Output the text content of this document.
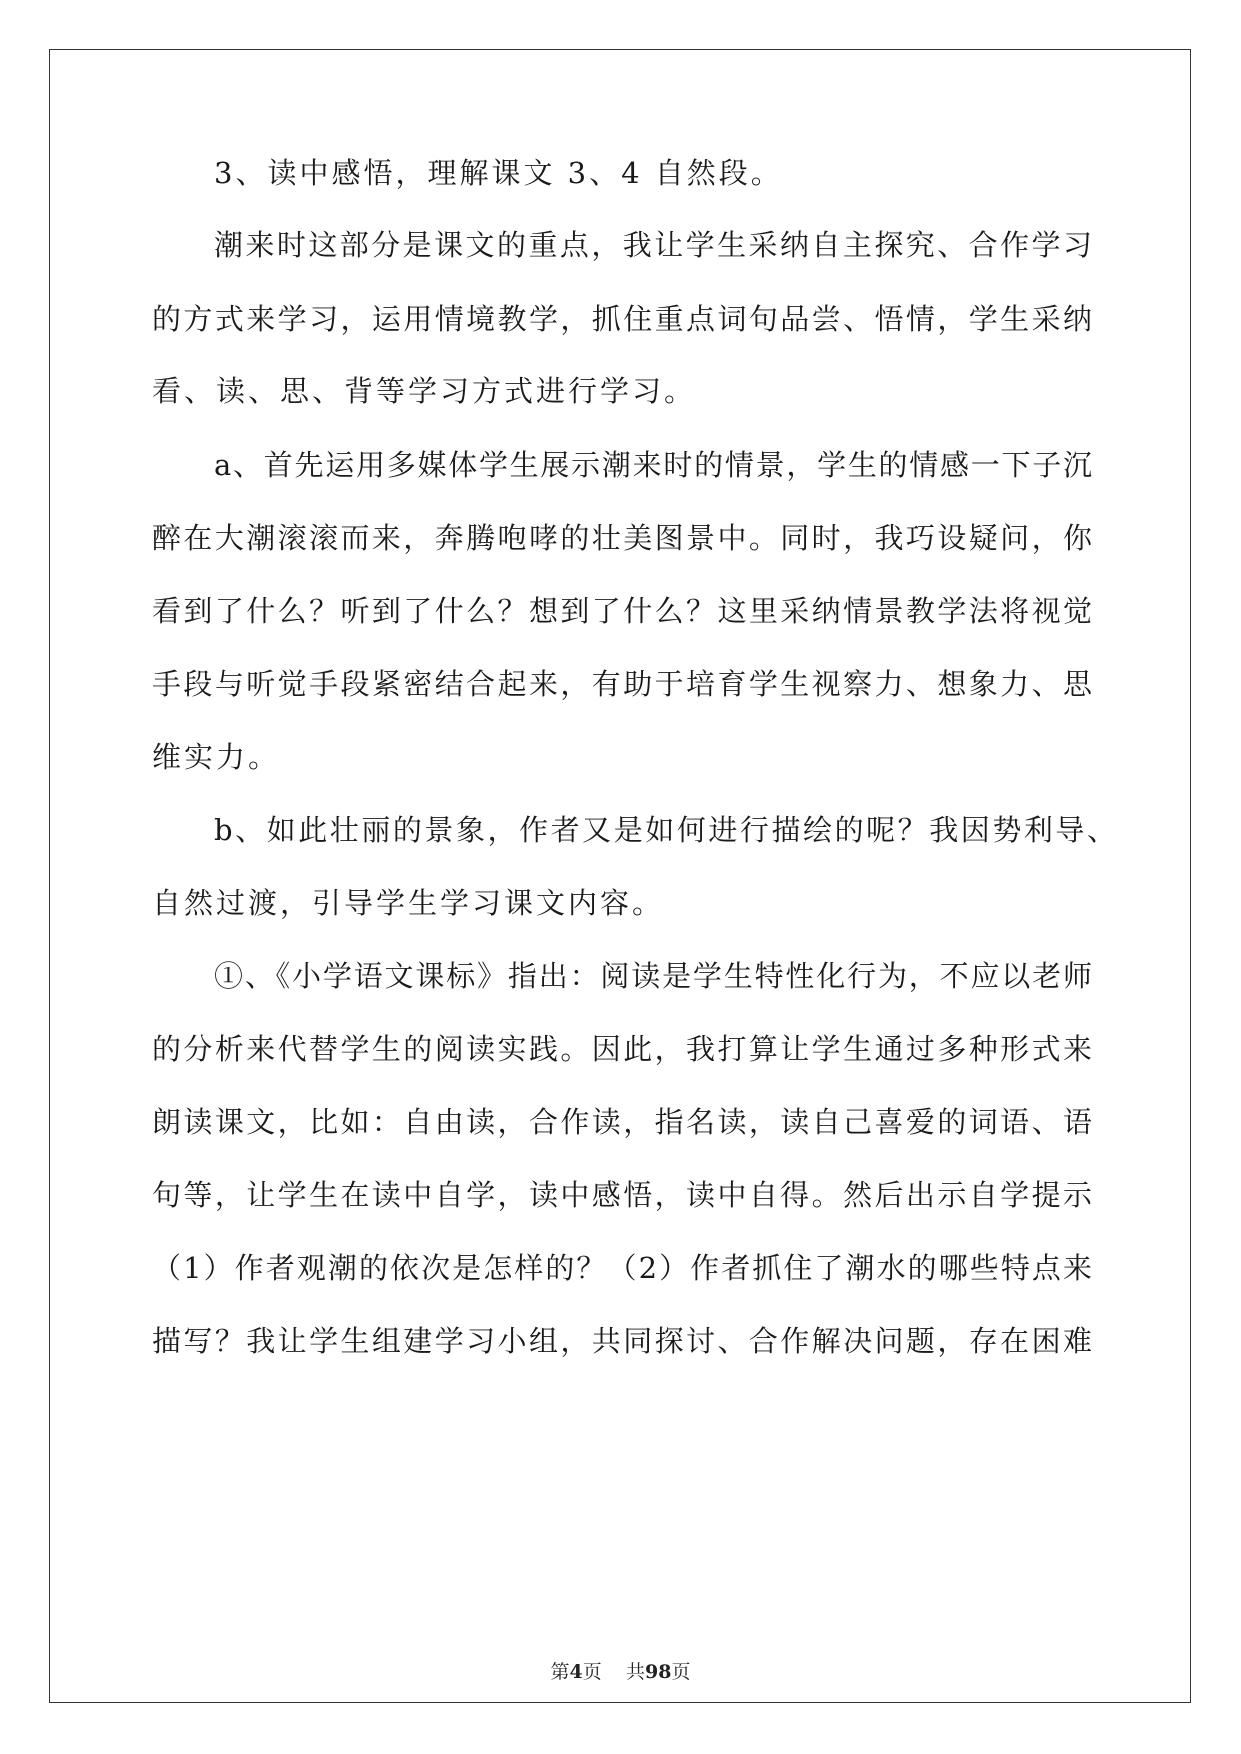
3、读中感悟，理解课文 3、4 自然段。
潮来时这部分是课文的重点，我让学生采纳自主探究、合作学习
的方式来学习，运用情境教学，抓住重点词句品尝、悟情，学生采纳
看、读、思、背等学习方式进行学习。
a、首先运用多媒体学生展示潮来时的情景，学生的情感一下子沉
醉在大潮滚滚而来，奔腾咆哮的壮美图景中。同时，我巧设疑问，你
看到了什么？听到了什么？想到了什么？这里采纳情景教学法将视觉
手段与听觉手段紧密结合起来，有助于培育学生视察力、想象力、思
维实力。
b、如此壮丽的景象，作者又是如何进行描绘的呢？我因势利导、
自然过渡，引导学生学习课文内容。
①、《小学语文课标》指出：阅读是学生特性化行为，不应以老师
的分析来代替学生的阅读实践。因此，我打算让学生通过多种形式来
朗读课文，比如：自由读，合作读，指名读，读自己喜爱的词语、语
句等，让学生在读中自学，读中感悟，读中自得。然后出示自学提示
（1）作者观潮的依次是怎样的？（2）作者抓住了潮水的哪些特点来
描写？我让学生组建学习小组，共同探讨、合作解决问题，存在困难
第4页 共98页
